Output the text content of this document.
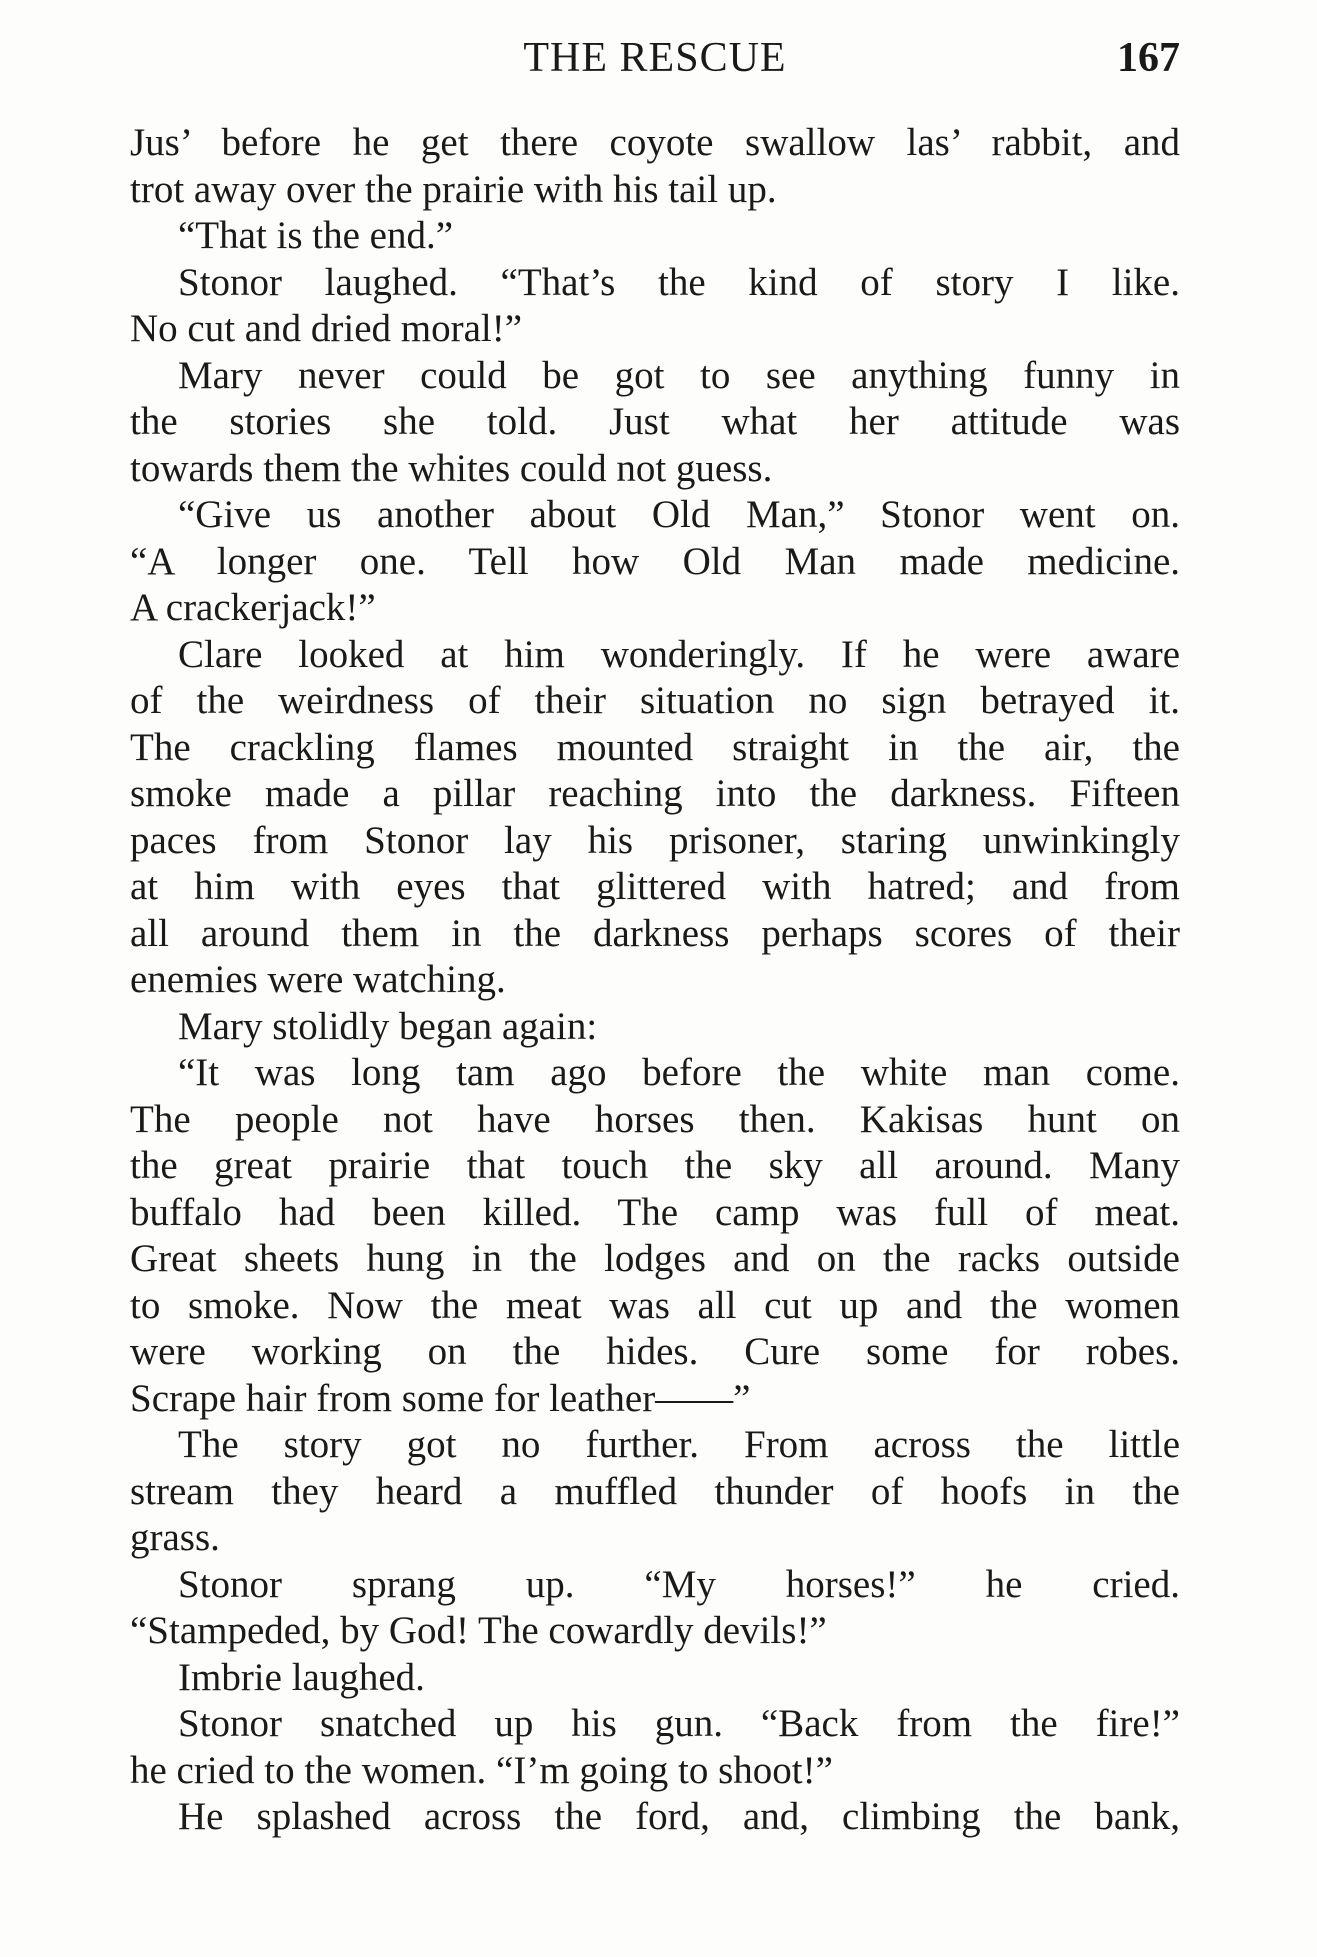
THE RESCUE	167
Jus’ before he get there coyote swallow las’ rabbit, and
trot away over the prairie with his tail up.
“That is the end.”
Stonor laughed. “That’s the kind of story I like.
No cut and dried moral!”
Mary never could be got to see anything funny in
the stories she told. Just what her attitude was
towards them the whites could not guess.
“Give us another about Old Man,” Stonor went on.
“A longer one. Tell how Old Man made medicine.
A crackerjack!”
Clare looked at him wonderingly. If he were aware
of the weirdness of their situation no sign betrayed it.
The crackling flames mounted straight in the air, the
smoke made a pillar reaching into the darkness. Fifteen
paces from Stonor lay his prisoner, staring unwinkingly
at him with eyes that glittered with hatred; and from
all around them in the darkness perhaps scores of their
enemies were watching.
Mary stolidly began again:
“It was long tam ago before the white man come.
The people not have horses then. Kakisas hunt on
the great prairie that touch the sky all around. Many
buffalo had been killed. The camp was full of meat.
Great sheets hung in the lodges and on the racks outside
to smoke. Now the meat was all cut up and the women
were working on the hides. Cure some for robes.
Scrape hair from some for leather——”
The story got no further. From across the little
stream they heard a muffled thunder of hoofs in the
grass.
Stonor sprang up. “My horses!” he cried.
“Stampeded, by God! The cowardly devils!”
Imbrie laughed.
Stonor snatched up his gun. “Back from the fire!”
he cried to the women. “I’m going to shoot!”
He splashed across the ford, and, climbing the bank,
